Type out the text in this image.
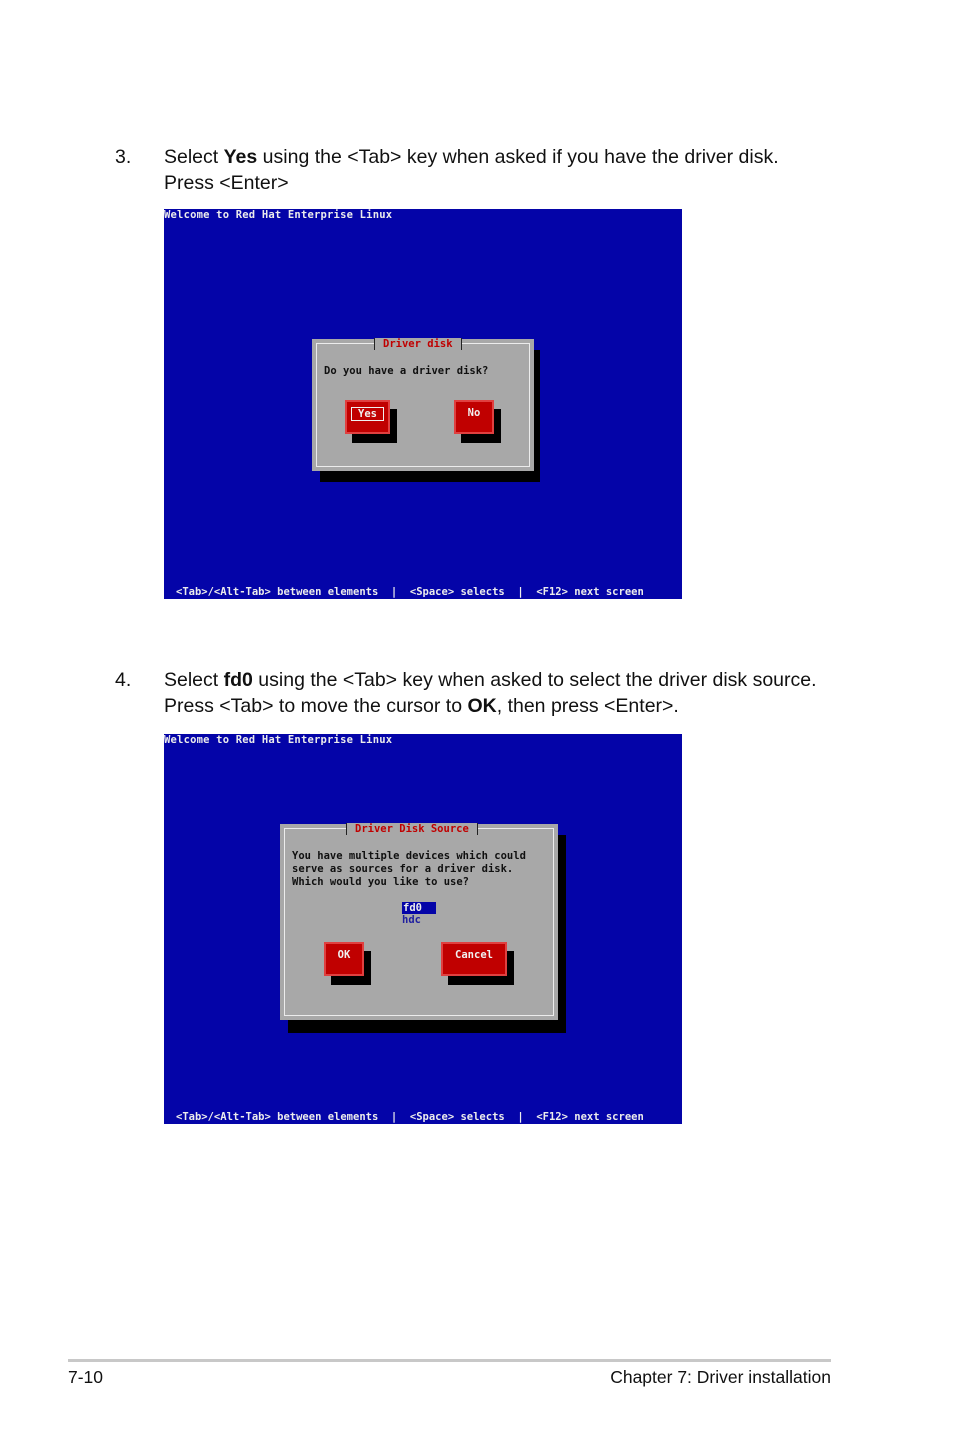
3. Select Yes using the <Tab> key when asked if you have the driver disk.
Press <Enter>
Welcome to Red Hat Enterprise Linux
Driver disk
Do you have a driver disk?
Yes	No
<Tab>/<Alt-Tab> between elements  |  <Space> selects  |  <F12> next screen
4. Select fd0 using the <Tab> key when asked to select the driver disk source.
Press <Tab> to move the cursor to OK, then press <Enter>.
Welcome to Red Hat Enterprise Linux
Driver Disk Source
You have multiple devices which could
serve as sources for a driver disk.
Which would you like to use?
fd0
hdc
OK	Cancel
<Tab>/<Alt-Tab> between elements  |  <Space> selects  |  <F12> next screen
7-10	Chapter 7: Driver installation
